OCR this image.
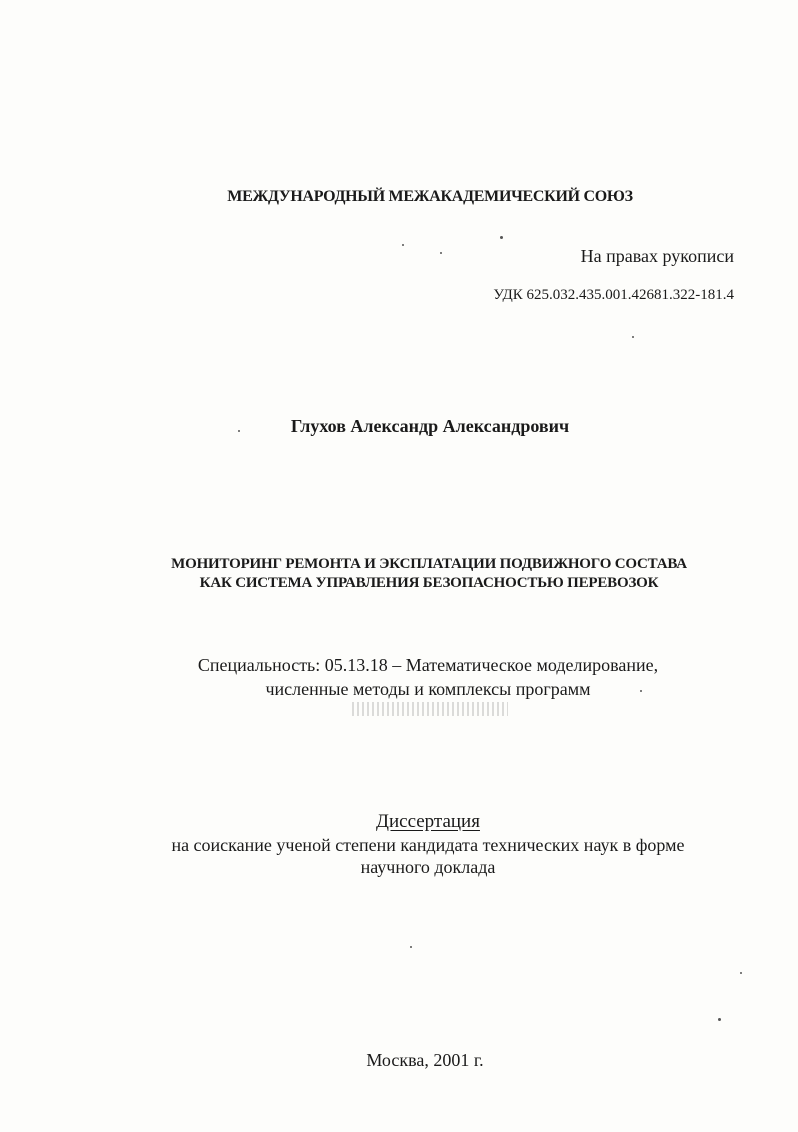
МЕЖДУНАРОДНЫЙ МЕЖАКАДЕМИЧЕСКИЙ СОЮЗ
На правах рукописи
УДК 625.032.435.001.42681.322-181.4
Глухов Александр Александрович
МОНИТОРИНГ РЕМОНТА И ЭКСПЛАТАЦИИ ПОДВИЖНОГО СОСТАВА
КАК СИСТЕМА УПРАВЛЕНИЯ БЕЗОПАСНОСТЬЮ ПЕРЕВОЗОК
Специальность: 05.13.18 – Математическое моделирование,
численные методы и комплексы программ
Диссертация
на соискание ученой степени кандидата технических наук в форме
научного доклада
Москва, 2001 г.
